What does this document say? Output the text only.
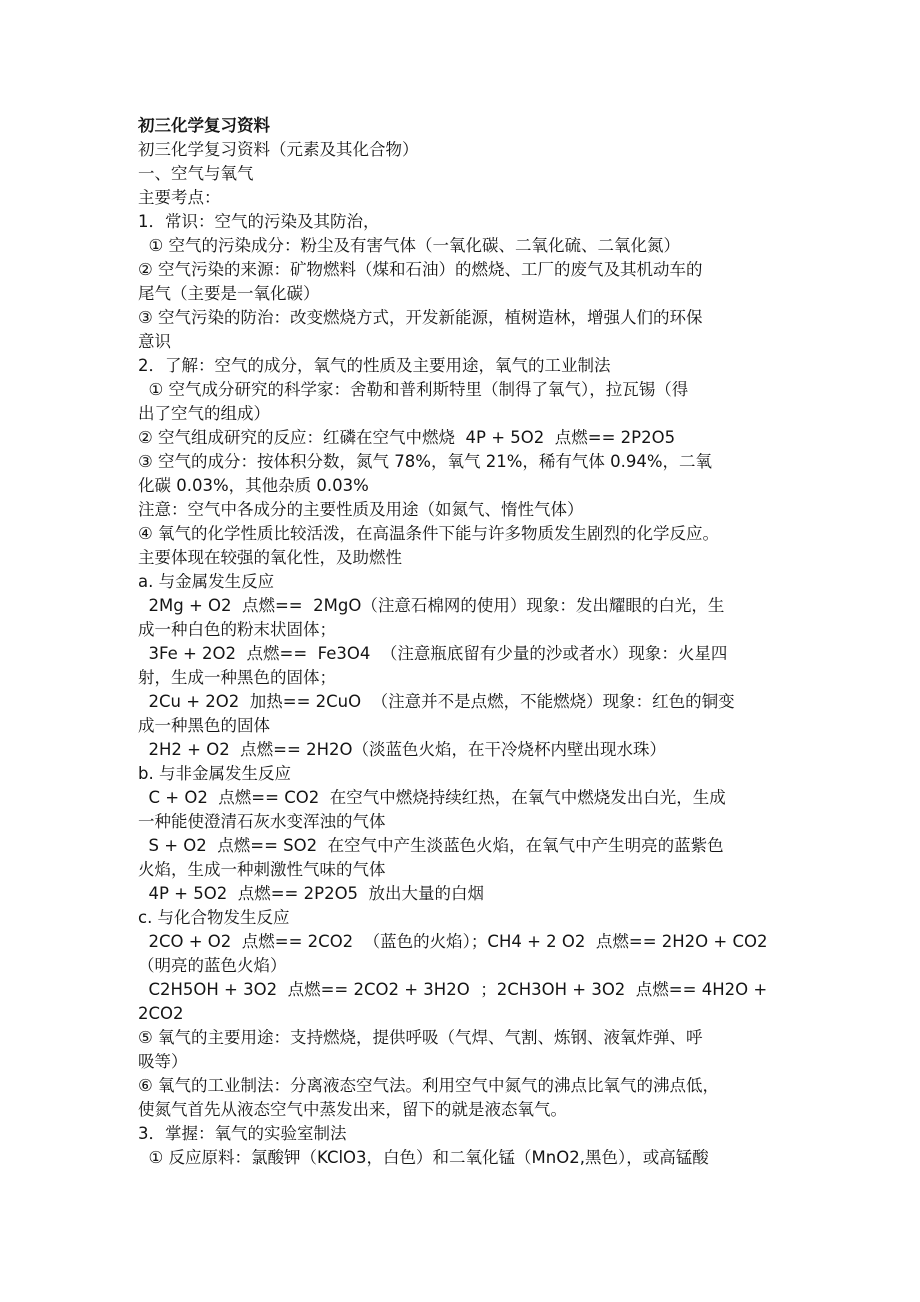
初三化学复习资料
初三化学复习资料（元素及其化合物）
一、空气与氧气
主要考点：
1．常识：空气的污染及其防治，
① 空气的污染成分：粉尘及有害气体（一氧化碳、二氧化硫、二氧化氮）
② 空气污染的来源：矿物燃料（煤和石油）的燃烧、工厂的废气及其机动车的
尾气（主要是一氧化碳）
③ 空气污染的防治：改变燃烧方式，开发新能源，植树造林，增强人们的环保
意识
2．了解：空气的成分，氧气的性质及主要用途，氧气的工业制法
① 空气成分研究的科学家：舍勒和普利斯特里（制得了氧气），拉瓦锡（得
出了空气的组成）
② 空气组成研究的反应：红磷在空气中燃烧  4P + 5O2  点燃== 2P2O5
③ 空气的成分：按体积分数，氮气 78%，氧气 21%，稀有气体 0.94%，二氧
化碳 0.03%，其他杂质 0.03%
注意：空气中各成分的主要性质及用途（如氮气、惰性气体）
④ 氧气的化学性质比较活泼，在高温条件下能与许多物质发生剧烈的化学反应。
主要体现在较强的氧化性，及助燃性
a. 与金属发生反应
2Mg + O2  点燃==  2MgO（注意石棉网的使用）现象：发出耀眼的白光，生
成一种白色的粉末状固体；
3Fe + 2O2  点燃==  Fe3O4  （注意瓶底留有少量的沙或者水）现象：火星四
射，生成一种黑色的固体；
2Cu + 2O2  加热== 2CuO  （注意并不是点燃，不能燃烧）现象：红色的铜变
成一种黑色的固体
2H2 + O2  点燃== 2H2O（淡蓝色火焰，在干冷烧杯内壁出现水珠）
b. 与非金属发生反应
C + O2  点燃== CO2  在空气中燃烧持续红热，在氧气中燃烧发出白光，生成
一种能使澄清石灰水变浑浊的气体
S + O2  点燃== SO2  在空气中产生淡蓝色火焰，在氧气中产生明亮的蓝紫色
火焰，生成一种刺激性气味的气体
4P + 5O2  点燃== 2P2O5  放出大量的白烟
c. 与化合物发生反应
2CO + O2  点燃== 2CO2  （蓝色的火焰）；CH4 + 2 O2  点燃== 2H2O + CO2
（明亮的蓝色火焰）
C2H5OH + 3O2  点燃== 2CO2 + 3H2O  ；2CH3OH + 3O2  点燃== 4H2O +
2CO2
⑤ 氧气的主要用途：支持燃烧，提供呼吸（气焊、气割、炼钢、液氧炸弹、呼
吸等）
⑥ 氧气的工业制法：分离液态空气法。利用空气中氮气的沸点比氧气的沸点低，
使氮气首先从液态空气中蒸发出来，留下的就是液态氧气。
3．掌握：氧气的实验室制法
① 反应原料：氯酸钾（KClO3，白色）和二氧化锰（MnO2,黑色），或高锰酸
